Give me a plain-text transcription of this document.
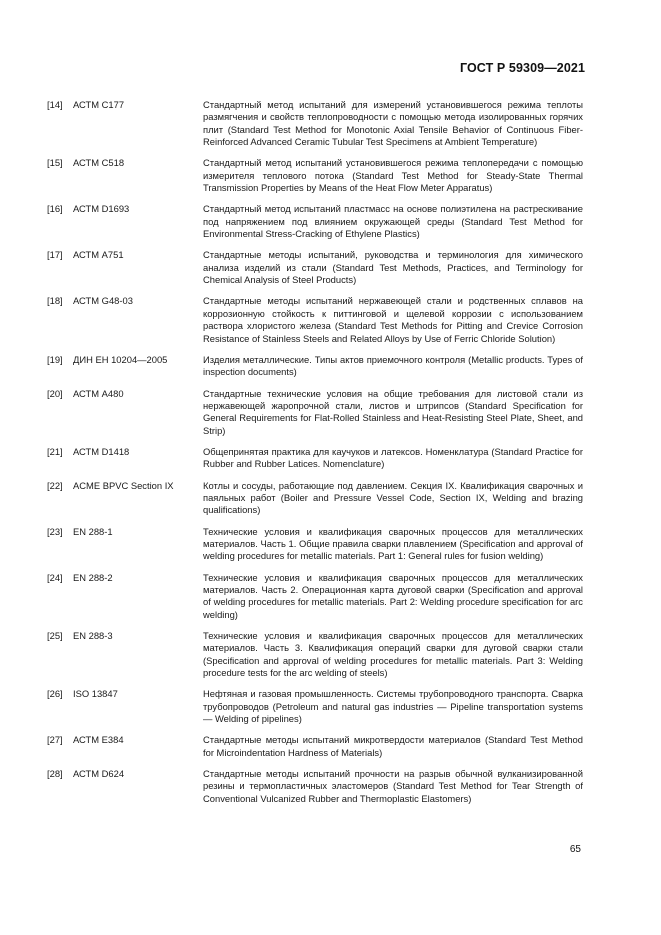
ГОСТ Р 59309—2021
[14]	АСТМ С177	Стандартный метод испытаний для измерений установившегося режима теплоты размягчения и свойств теплопроводности с помощью метода изолированных горячих плит (Standard Test Method for Monotonic Axial Tensile Behavior of Continuous Fiber-Reinforced Advanced Ceramic Tubular Test Specimens at Ambient Temperature)
[15]	АСТМ С518	Стандартный метод испытаний установившегося режима теплопередачи с помощью измерителя теплового потока (Standard Test Method for Steady-State Thermal Transmission Properties by Means of the Heat Flow Meter Apparatus)
[16]	АСТМ D1693	Стандартный метод испытаний пластмасс на основе полиэтилена на растрескивание под напряжением под влиянием окружающей среды (Standard Test Method for Environmental Stress-Cracking of Ethylene Plastics)
[17]	АСТМ А751	Стандартные методы испытаний, руководства и терминология для химического анализа изделий из стали (Standard Test Methods, Practices, and Terminology for Chemical Analysis of Steel Products)
[18]	АСТМ G48-03	Стандартные методы испытаний нержавеющей стали и родственных сплавов на коррозионную стойкость к питтинговой и щелевой коррозии с использованием раствора хлористого железа (Standard Test Methods for Pitting and Crevice Corrosion Resistance of Stainless Steels and Related Alloys by Use of Ferric Chloride Solution)
[19]	ДИН ЕН 10204—2005	Изделия металлические. Типы актов приемочного контроля (Metallic products. Types of inspection documents)
[20]	АСТМ А480	Стандартные технические условия на общие требования для листовой стали из нержавеющей жаропрочной стали, листов и штрипсов (Standard Specification for General Requirements for Flat-Rolled Stainless and Heat-Resisting Steel Plate, Sheet, and Strip)
[21]	АСТМ D1418	Общепринятая практика для каучуков и латексов. Номенклатура (Standard Practice for Rubber and Rubber Latices. Nomenclature)
[22]	ACME BPVC Section IX	Котлы и сосуды, работающие под давлением. Секция IX. Квалификация сварочных и паяльных работ (Boiler and Pressure Vessel Code, Section IX, Welding and brazing qualifications)
[23]	EN 288-1	Технические условия и квалификация сварочных процессов для металлических материалов. Часть 1. Общие правила сварки плавлением (Specification and approval of welding procedures for metallic materials. Part 1: General rules for fusion welding)
[24]	EN 288-2	Технические условия и квалификация сварочных процессов для металлических материалов. Часть 2. Операционная карта дуговой сварки (Specification and approval of welding procedures for metallic materials. Part 2: Welding procedure specification for arc welding)
[25]	EN 288-3	Технические условия и квалификация сварочных процессов для металлических материалов. Часть 3. Квалификация операций сварки для дуговой сварки стали (Specification and approval of welding procedures for metallic materials. Part 3: Welding procedure tests for the arc welding of steels)
[26]	ISO 13847	Нефтяная и газовая промышленность. Системы трубопроводного транспорта. Сварка трубопроводов (Petroleum and natural gas industries — Pipeline transportation systems — Welding of pipelines)
[27]	АСТМ Е384	Стандартные методы испытаний микротвердости материалов (Standard Test Method for Microindentation Hardness of Materials)
[28]	АСТМ D624	Стандартные методы испытаний прочности на разрыв обычной вулканизированной резины и термопластичных эластомеров (Standard Test Method for Tear Strength of Conventional Vulcanized Rubber and Thermoplastic Elastomers)
65
